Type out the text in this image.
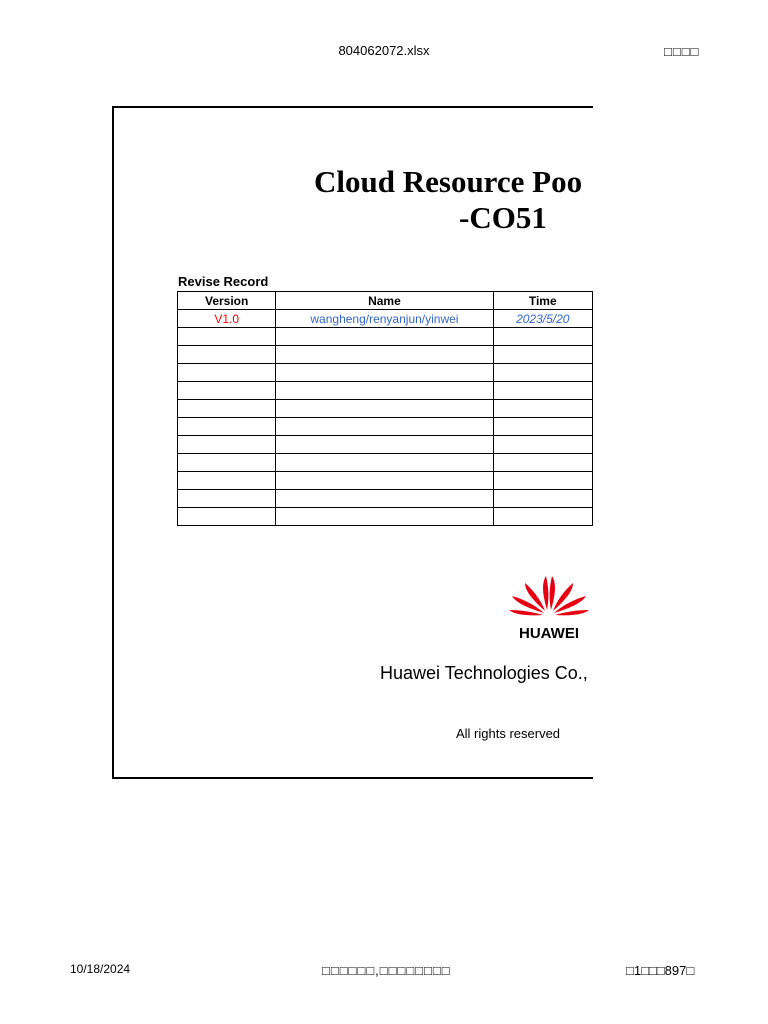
804062072.xlsx	□□□□
Cloud Resource Poo
-CO51
Revise Record
Version	Name	Time
V1.0	wangheng/renyanjun/yinwei	2023/5/20

HUAWEI
Huawei Technologies Co.,
All rights reserved
10/18/2024	□□□□□□,□□□□□□□□	□1□□□897□
